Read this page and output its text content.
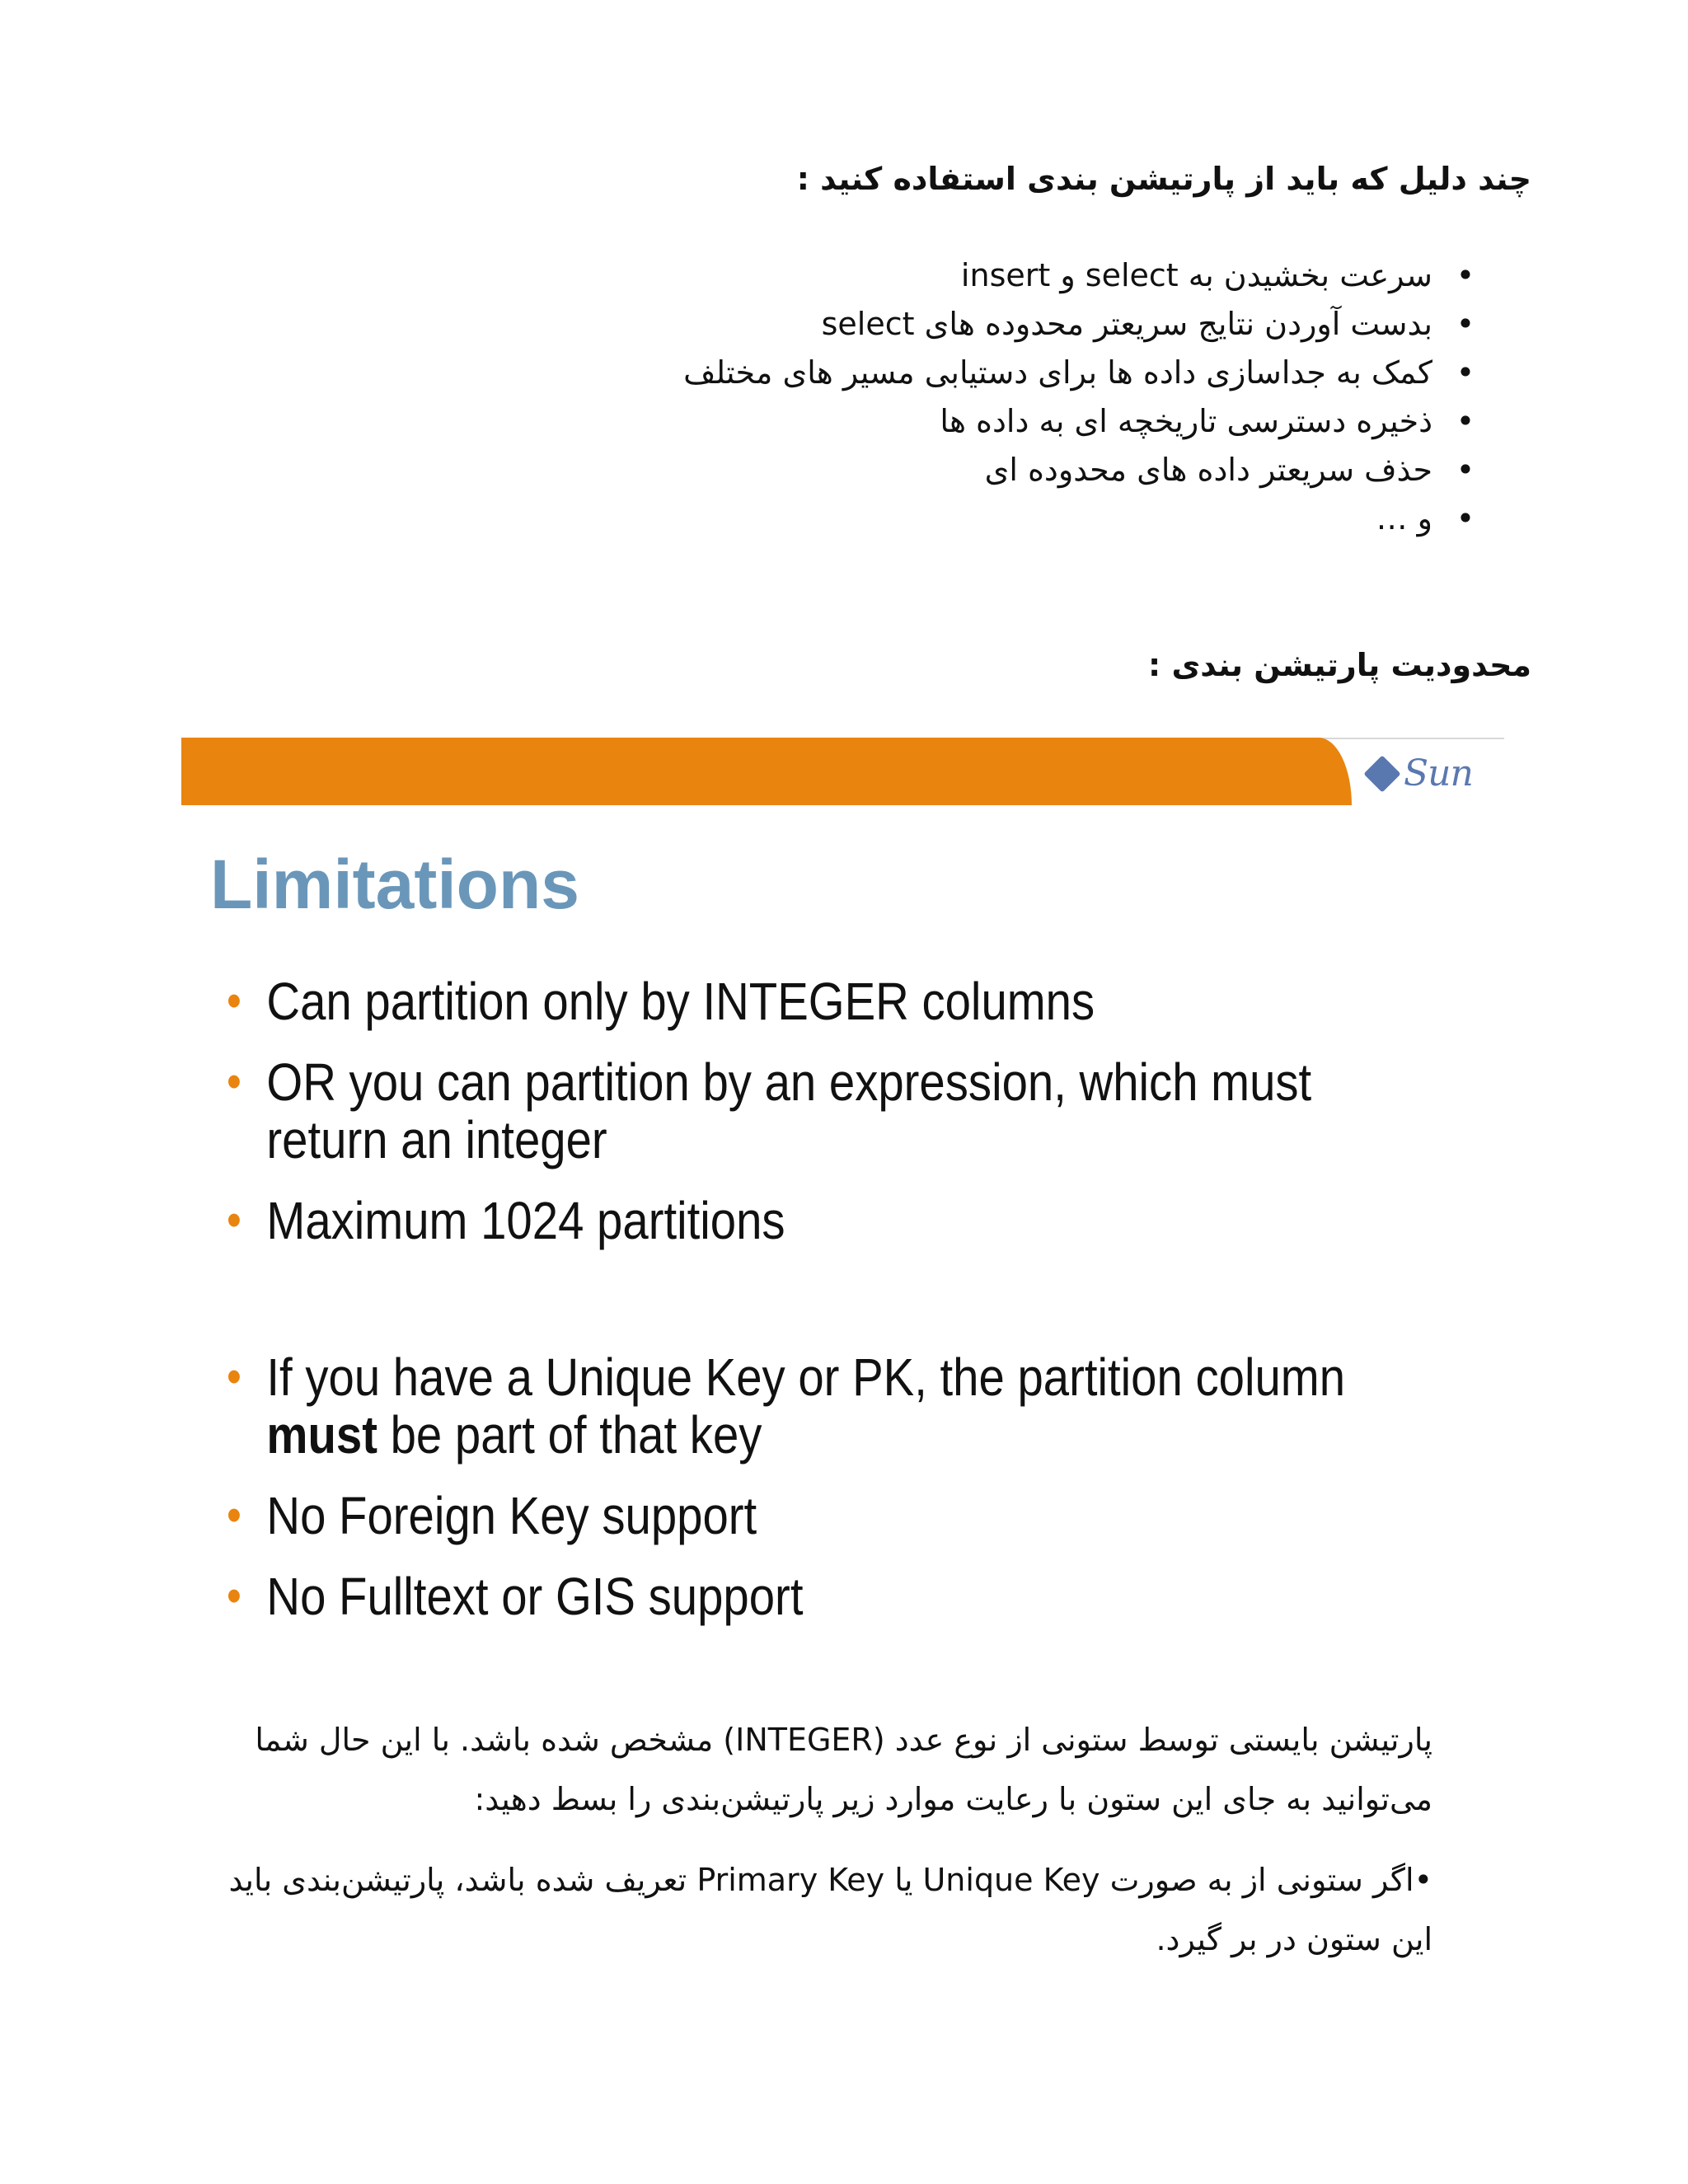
چند دلیل که باید از پارتیشن بندی استفاده کنید :
•
سرعت بخشیدن به select و insert
•
بدست آوردن نتایج سریعتر محدوده های select
•
کمک به جداسازی داده ها برای دستیابی مسیر های مختلف
•
ذخیره دسترسی تاریخچه ای به داده ها
•
حذف سریعتر داده های محدوده ای
•
و …
محدودیت پارتیشن بندی :
Sun
Limitations
• Can partition only by INTEGER columns
• OR you can partition by an expression, which must return an integer
• Maximum 1024 partitions
• If you have a Unique Key or PK, the partition column must be part of that key
• No Foreign Key support
• No Fulltext or GIS support
پارتیشن بایستی توسط ستونی از نوع عدد (INTEGER) مشخص شده باشد. با این حال شما می‌توانید به جای این ستون با رعایت موارد زیر پارتیشن‌بندی را بسط دهید:
•اگر ستونی از به صورت Unique Key یا Primary Key تعریف شده باشد، پارتیشن‌بندی باید این ستون در بر گیرد.
